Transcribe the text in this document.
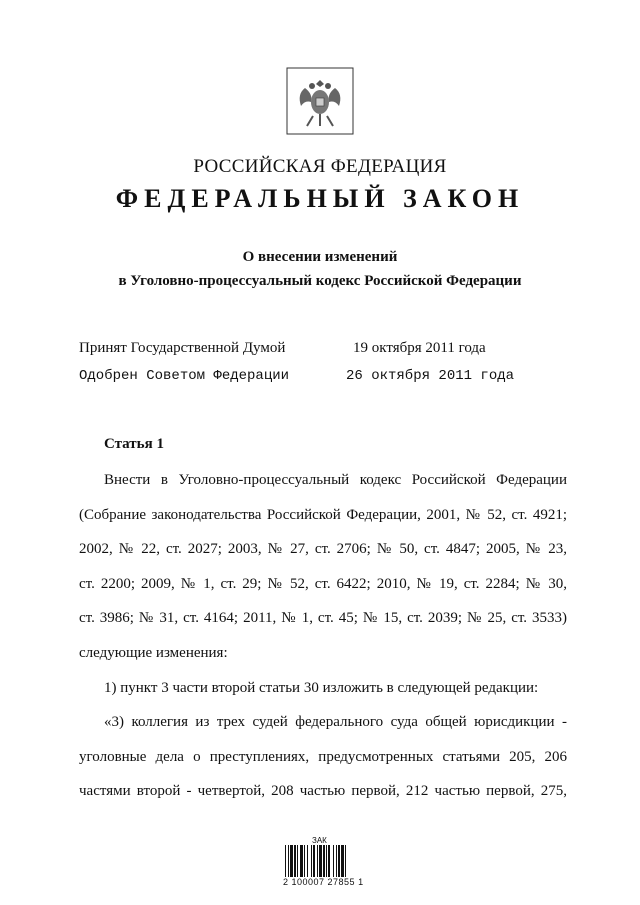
РОССИЙСКАЯ ФЕДЕРАЦИЯ
ФЕДЕРАЛЬНЫЙ ЗАКОН
О внесении изменений
в Уголовно-процессуальный кодекс Российской Федерации
Принят Государственной Думой	19 октября 2011 года
Одобрен Советом Федерации	26 октября 2011 года
Статья 1
Внести в Уголовно-процессуальный кодекс Российской Федерации
(Собрание законодательства Российской Федерации, 2001, № 52, ст. 4921;
2002, № 22, ст. 2027; 2003, № 27, ст. 2706; № 50, ст. 4847; 2005, № 23,
ст. 2200; 2009, № 1, ст. 29; № 52, ст. 6422; 2010, № 19, ст. 2284; № 30,
ст. 3986; № 31, ст. 4164; 2011, № 1, ст. 45; № 15, ст. 2039; № 25, ст. 3533)
следующие изменения:
1) пункт 3 части второй статьи 30 изложить в следующей редакции:
«3) коллегия из трех судей федерального суда общей юрисдикции -
уголовные дела о преступлениях, предусмотренных статьями 205, 206
частями второй - четвертой, 208 частью первой, 212 частью первой, 275,
ЗАК
2 100007 27855 1
